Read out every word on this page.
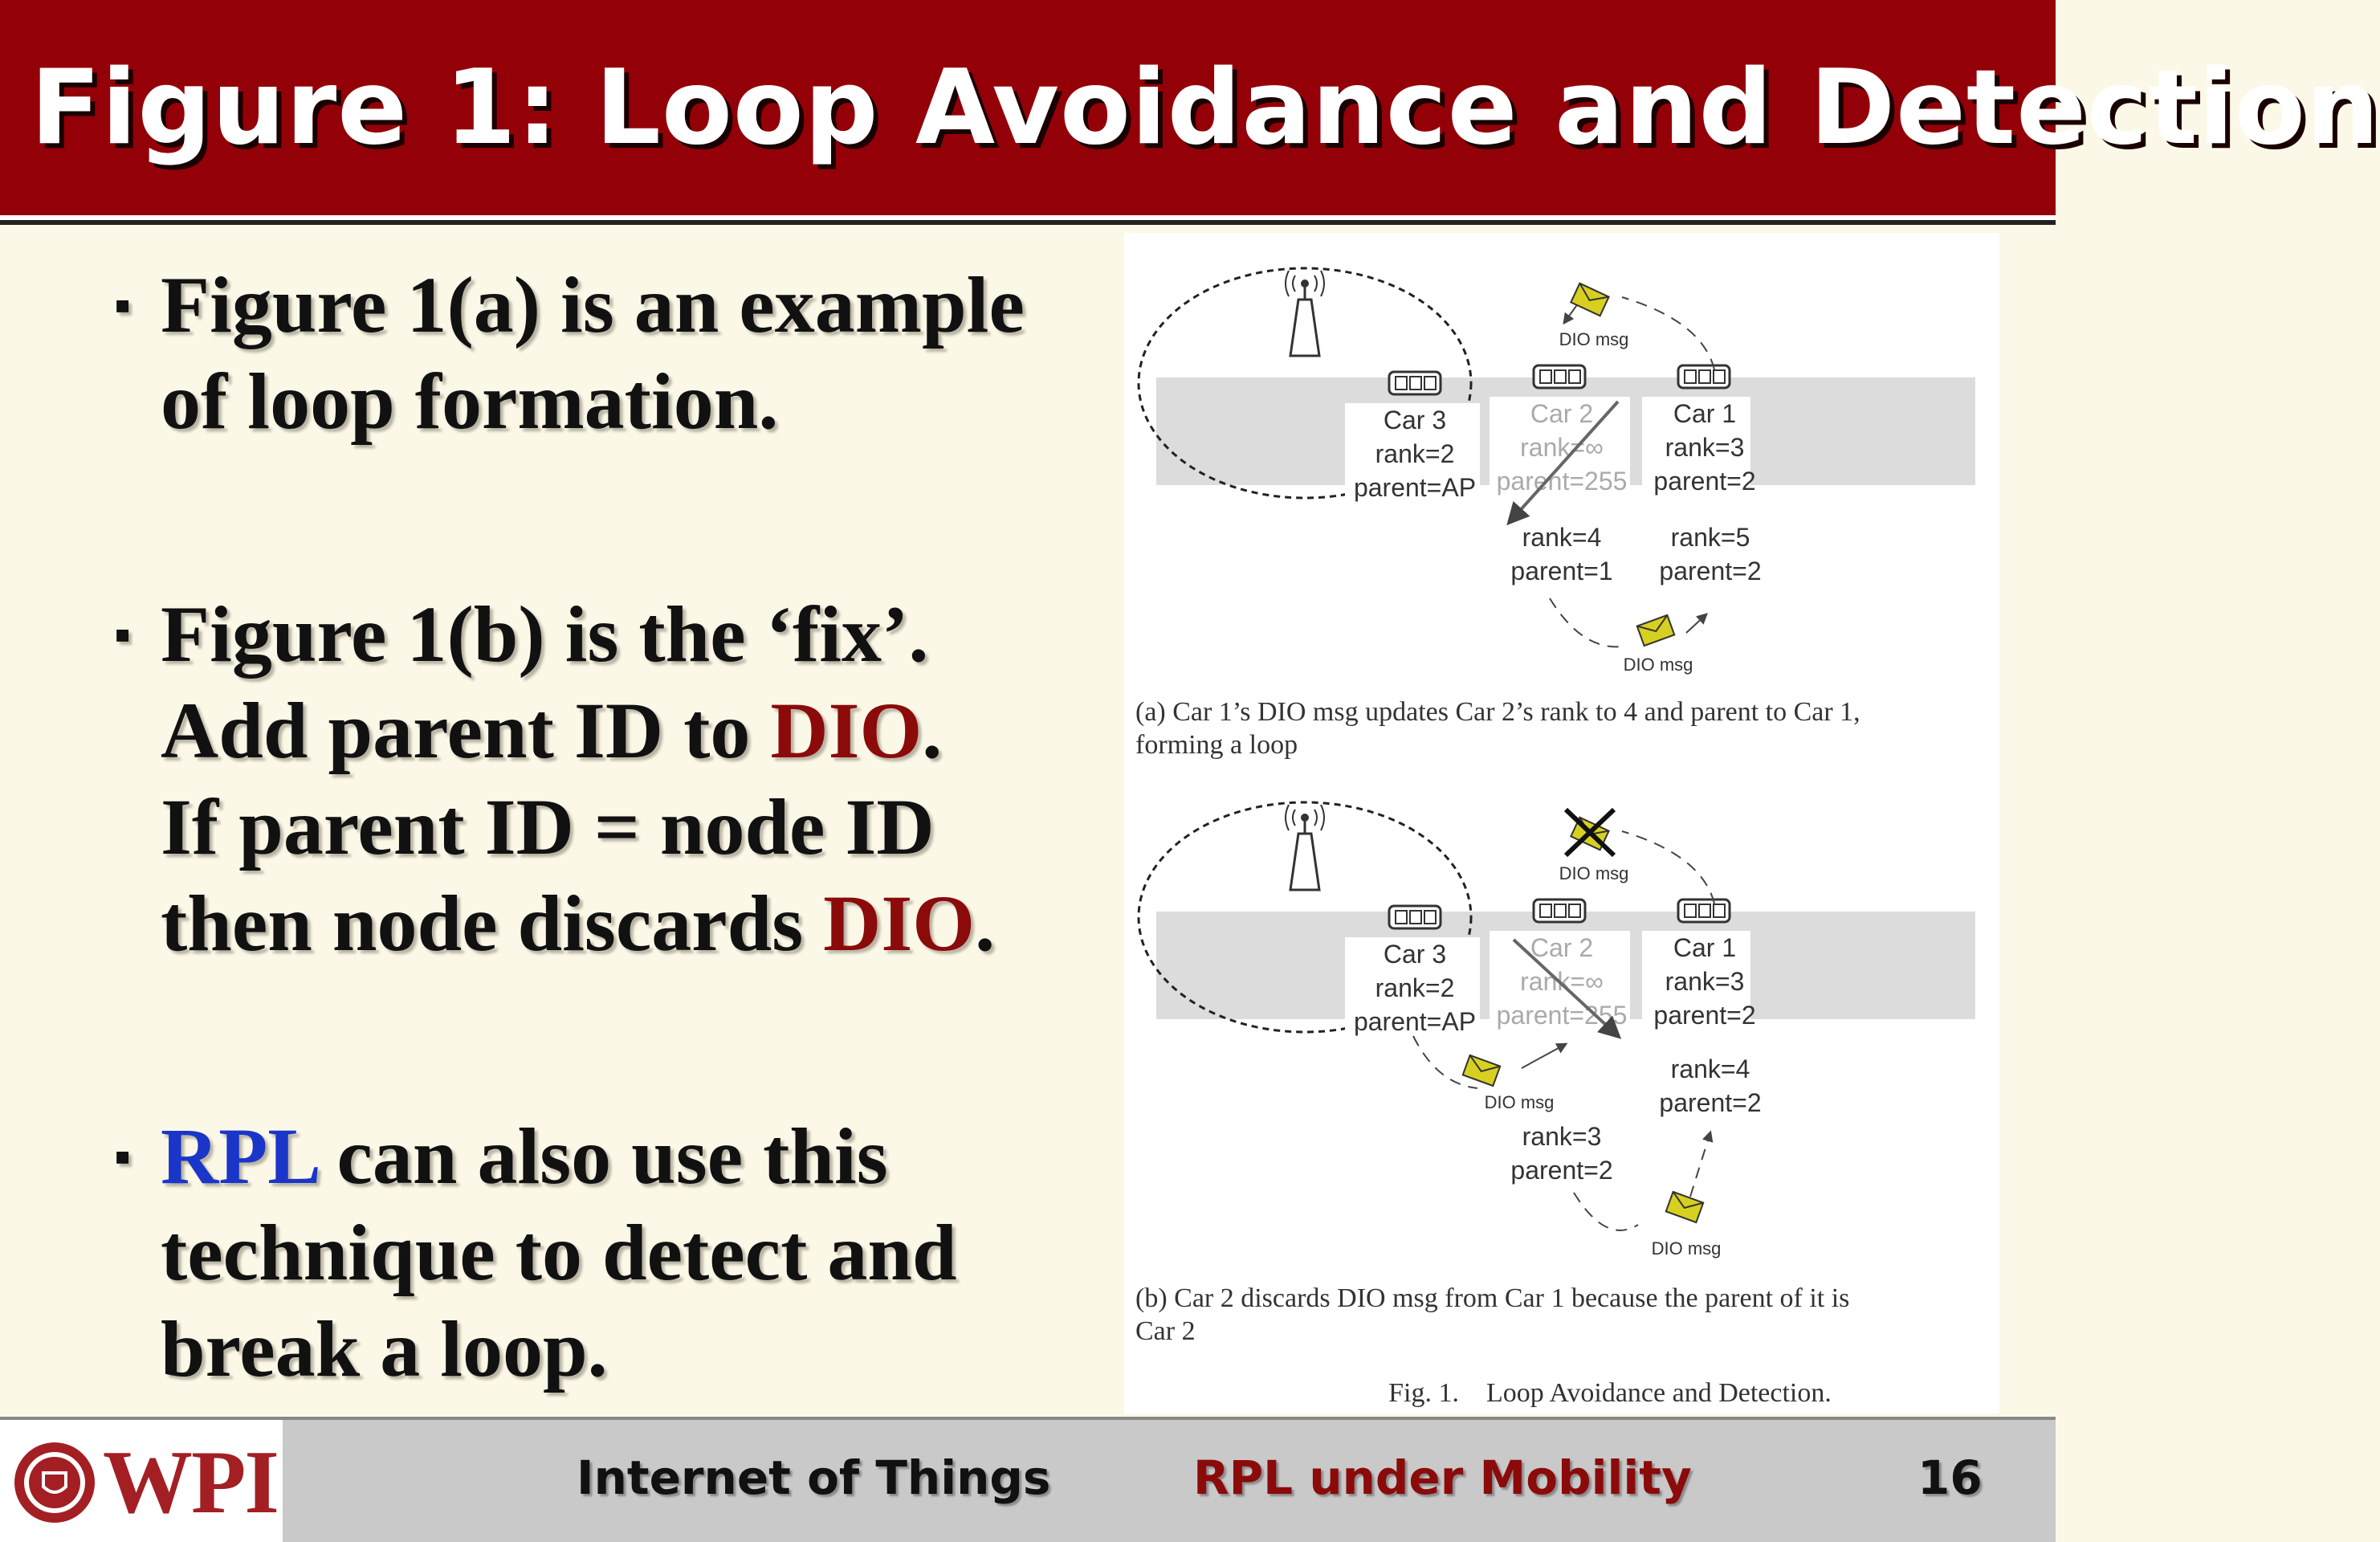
Figure 1: Loop Avoidance and Detection
▪ Figure 1(a) is an example of loop formation.
▪ Figure 1(b) is the ‘fix’.
Add parent ID to DIO.
If parent ID = node ID
then node discards DIO.
▪ RPL can also use this technique to detect and break a loop.
Car 3
rank=2
parent=AP
Car 2
rank=∞
parent=255
Car 1
rank=3
parent=2
DIO msg
rank=4
parent=1
rank=5
parent=2
DIO msg
(a) Car 1’s DIO msg updates Car 2’s rank to 4 and parent to Car 1,
forming a loop
Car 3
rank=2
parent=AP
Car 2
rank=∞
parent=255
Car 1
rank=3
parent=2
DIO msg
DIO msg
rank=4
parent=2
rank=3
parent=2
DIO msg
(b) Car 2 discards DIO msg from Car 1 because the parent of it is
Car 2
Fig. 1.    Loop Avoidance and Detection.
WPI	Internet of Things	RPL under Mobility	16
